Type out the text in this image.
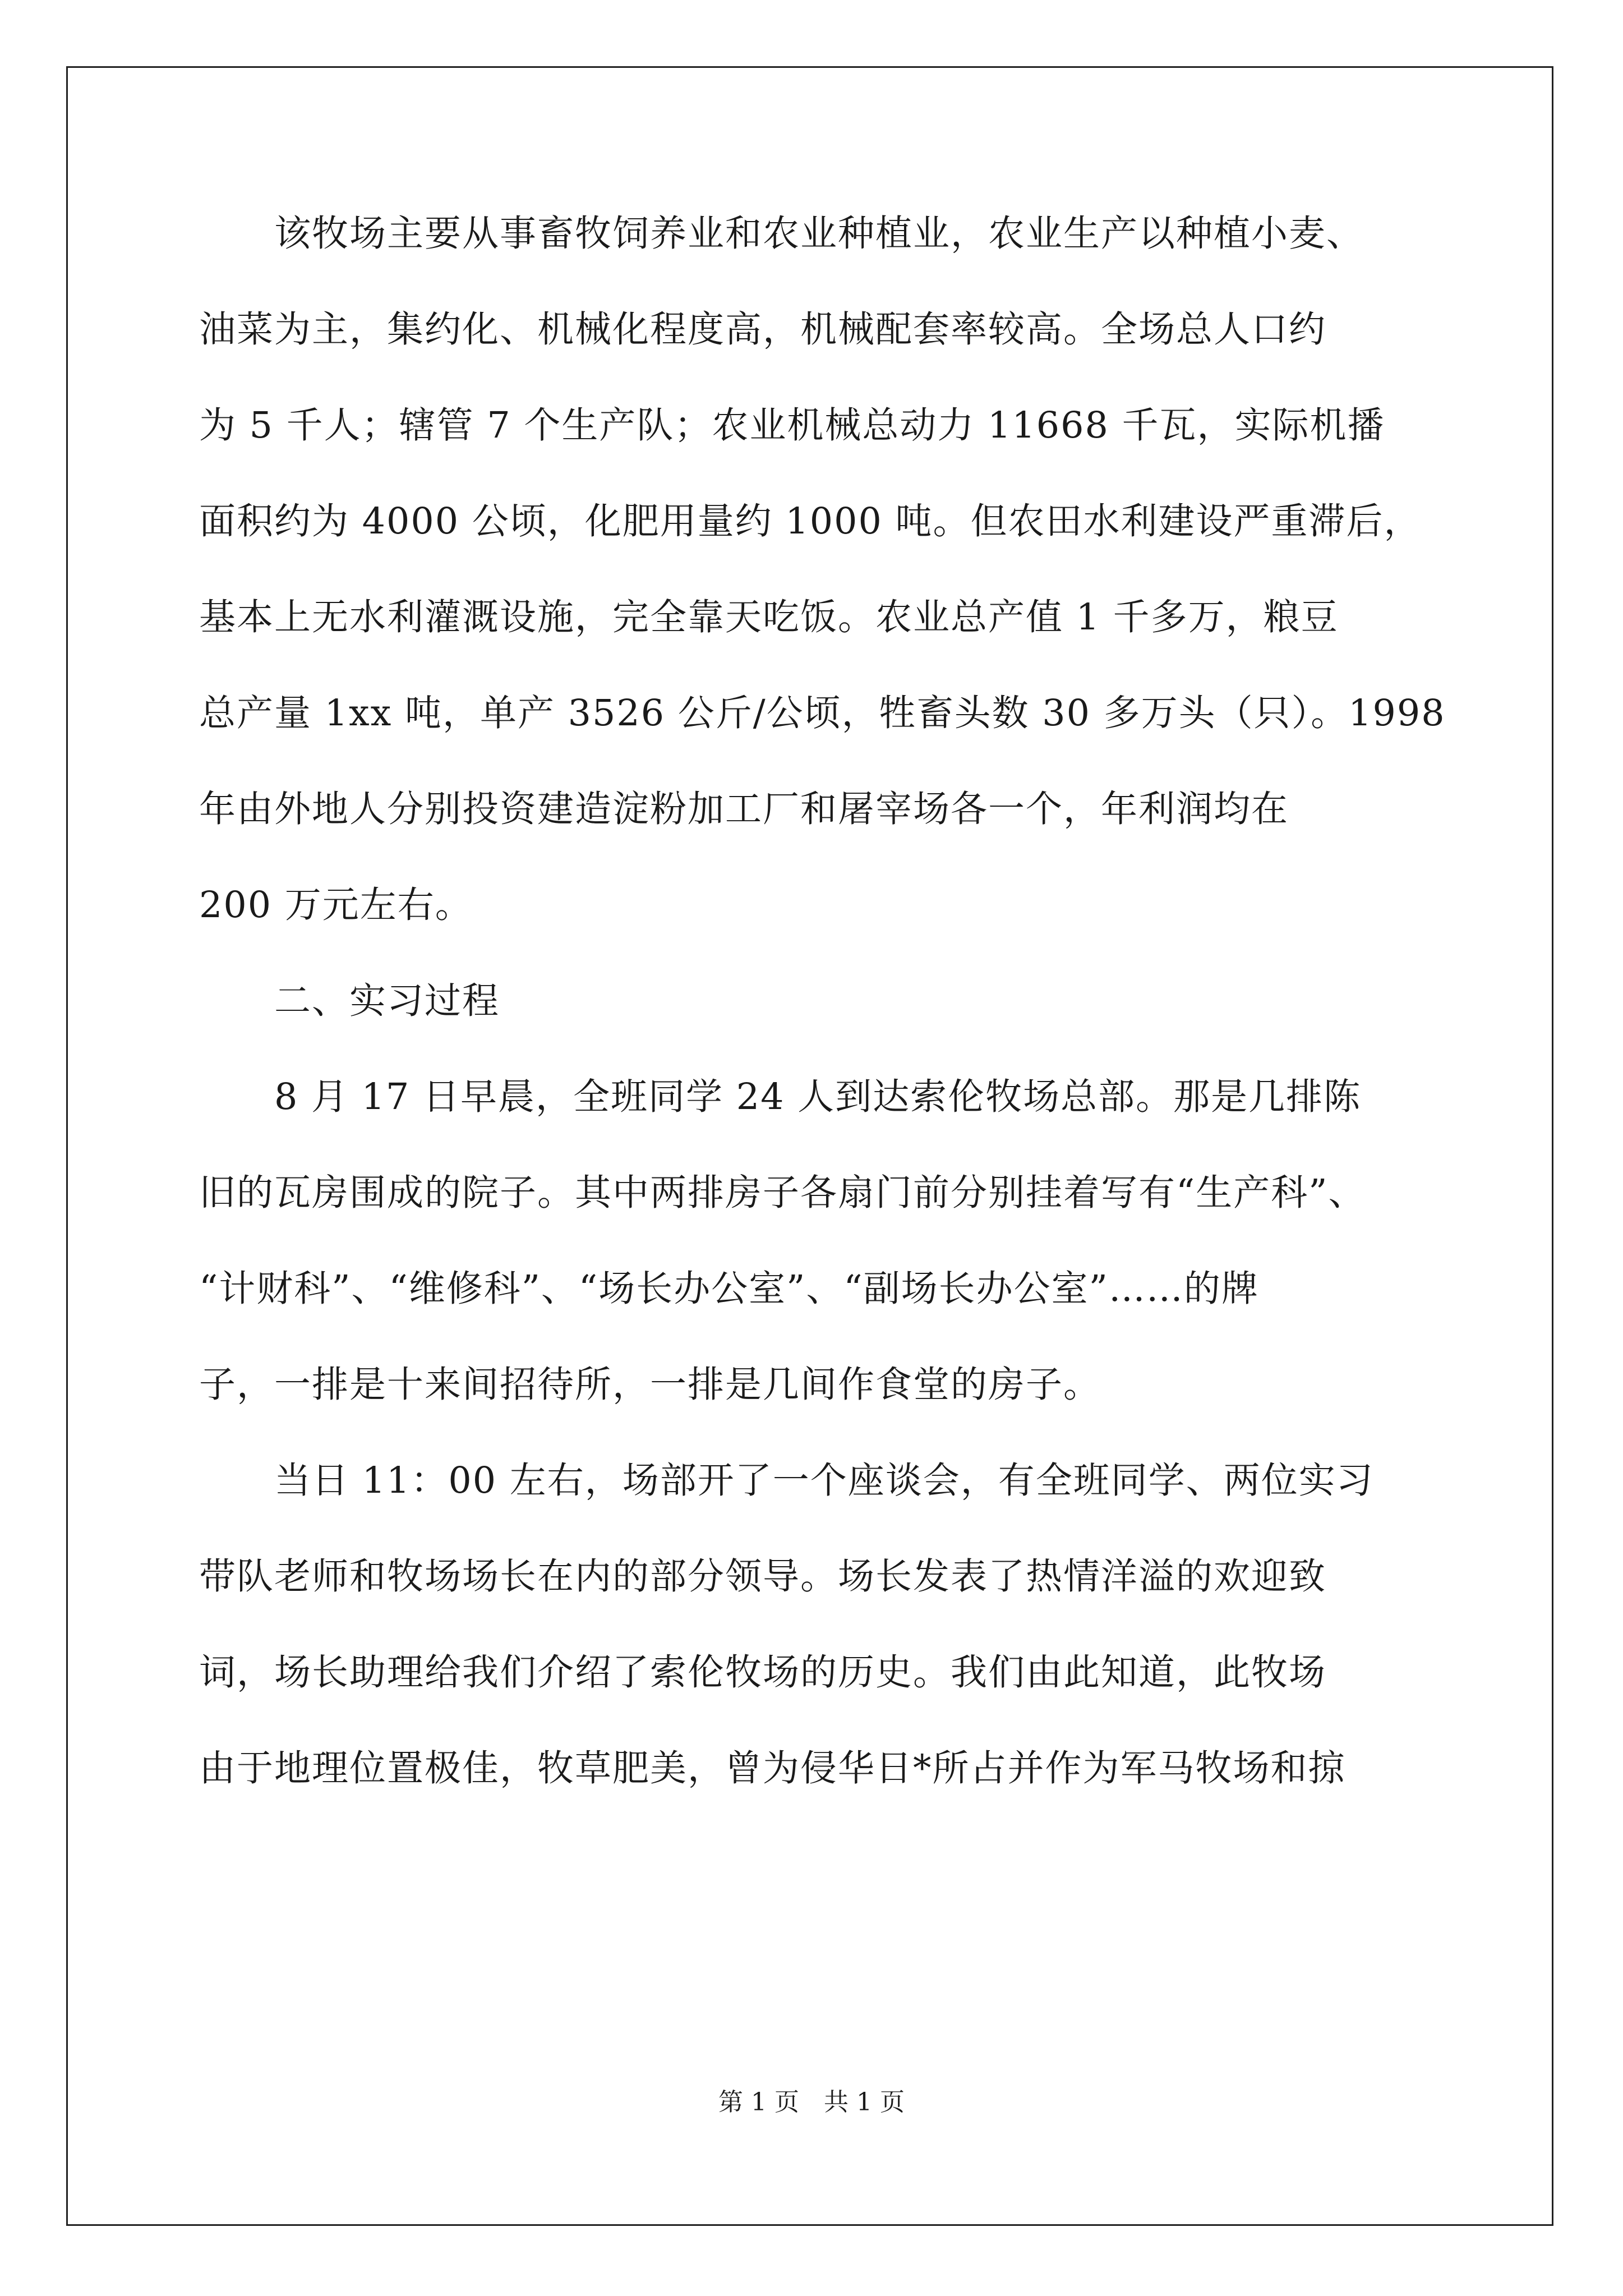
　　该牧场主要从事畜牧饲养业和农业种植业，农业生产以种植小麦、
油菜为主，集约化、机械化程度高，机械配套率较高。全场总人口约
为 5 千人；辖管 7 个生产队；农业机械总动力 11668 千瓦，实际机播
面积约为 4000 公顷，化肥用量约 1000 吨。但农田水利建设严重滞后，
基本上无水利灌溉设施，完全靠天吃饭。农业总产值 1 千多万，粮豆
总产量 1xx 吨，单产 3526 公斤/公顷，牲畜头数 30 多万头（只）。1998
年由外地人分别投资建造淀粉加工厂和屠宰场各一个，年利润均在
200 万元左右。
　　二、实习过程
　　8 月 17 日早晨，全班同学 24 人到达索伦牧场总部。那是几排陈
旧的瓦房围成的院子。其中两排房子各扇门前分别挂着写有“生产科”、
“计财科”、“维修科”、“场长办公室”、“副场长办公室”……的牌
子，一排是十来间招待所，一排是几间作食堂的房子。
　　当日 11：00 左右，场部开了一个座谈会，有全班同学、两位实习
带队老师和牧场场长在内的部分领导。场长发表了热情洋溢的欢迎致
词，场长助理给我们介绍了索伦牧场的历史。我们由此知道，此牧场
由于地理位置极佳，牧草肥美，曾为侵华日*所占并作为军马牧场和掠
第 1 页 共 1 页
